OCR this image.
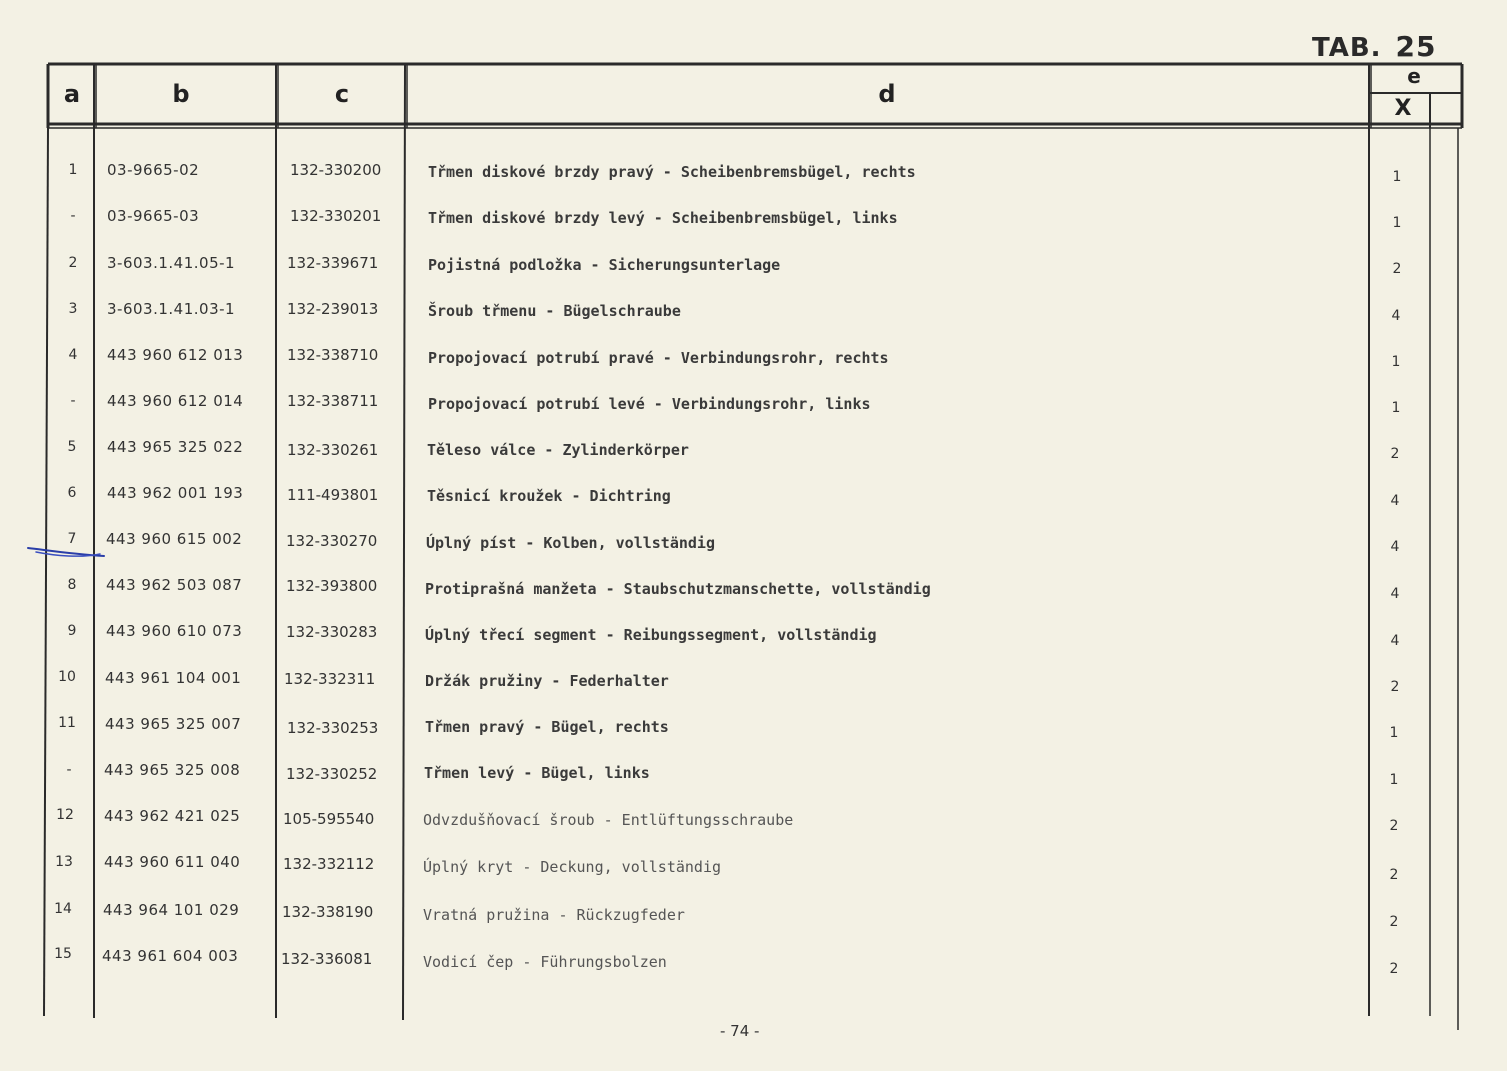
TAB. 25
a	b	c	d
e
X
1 03-9665-02	132-330200	Třmen diskové brzdy pravý - Scheibenbremsbügel, rechts	1
- 03-9665-03	132-330201	Třmen diskové brzdy levý - Scheibenbremsbügel, links	1
2 3-603.1.41.05-1	132-339671	Pojistná podložka - Sicherungsunterlage	2
3 3-603.1.41.03-1	132-239013	Šroub třmenu - Bügelschraube	4
4 443 960 612 013	132-338710	Propojovací potrubí pravé - Verbindungsrohr, rechts	1
- 443 960 612 014	132-338711	Propojovací potrubí levé - Verbindungsrohr, links	1
5 443 965 325 022	132-330261	Těleso válce - Zylinderkörper	2
6 443 962 001 193	111-493801	Těsnicí kroužek - Dichtring	4
7 443 960 615 002	132-330270	Úplný píst - Kolben, vollständig	4
8 443 962 503 087	132-393800	Protiprašná manžeta - Staubschutzmanschette, vollständig	4
9 443 960 610 073	132-330283	Úplný třecí segment - Reibungssegment, vollständig	4
10 443 961 104 001	132-332311	Držák pružiny - Federhalter	2
11 443 965 325 007	132-330253	Třmen pravý - Bügel, rechts	1
- 443 965 325 008	132-330252	Třmen levý - Bügel, links	1
12 443 962 421 025	105-595540	Odvzdušňovací šroub - Entlüftungsschraube	2
13 443 960 611 040	132-332112	Úplný kryt - Deckung, vollständig	2
14 443 964 101 029	132-338190	Vratná pružina - Rückzugfeder	2
15 443 961 604 003	132-336081	Vodicí čep - Führungsbolzen	2
- 74 -
